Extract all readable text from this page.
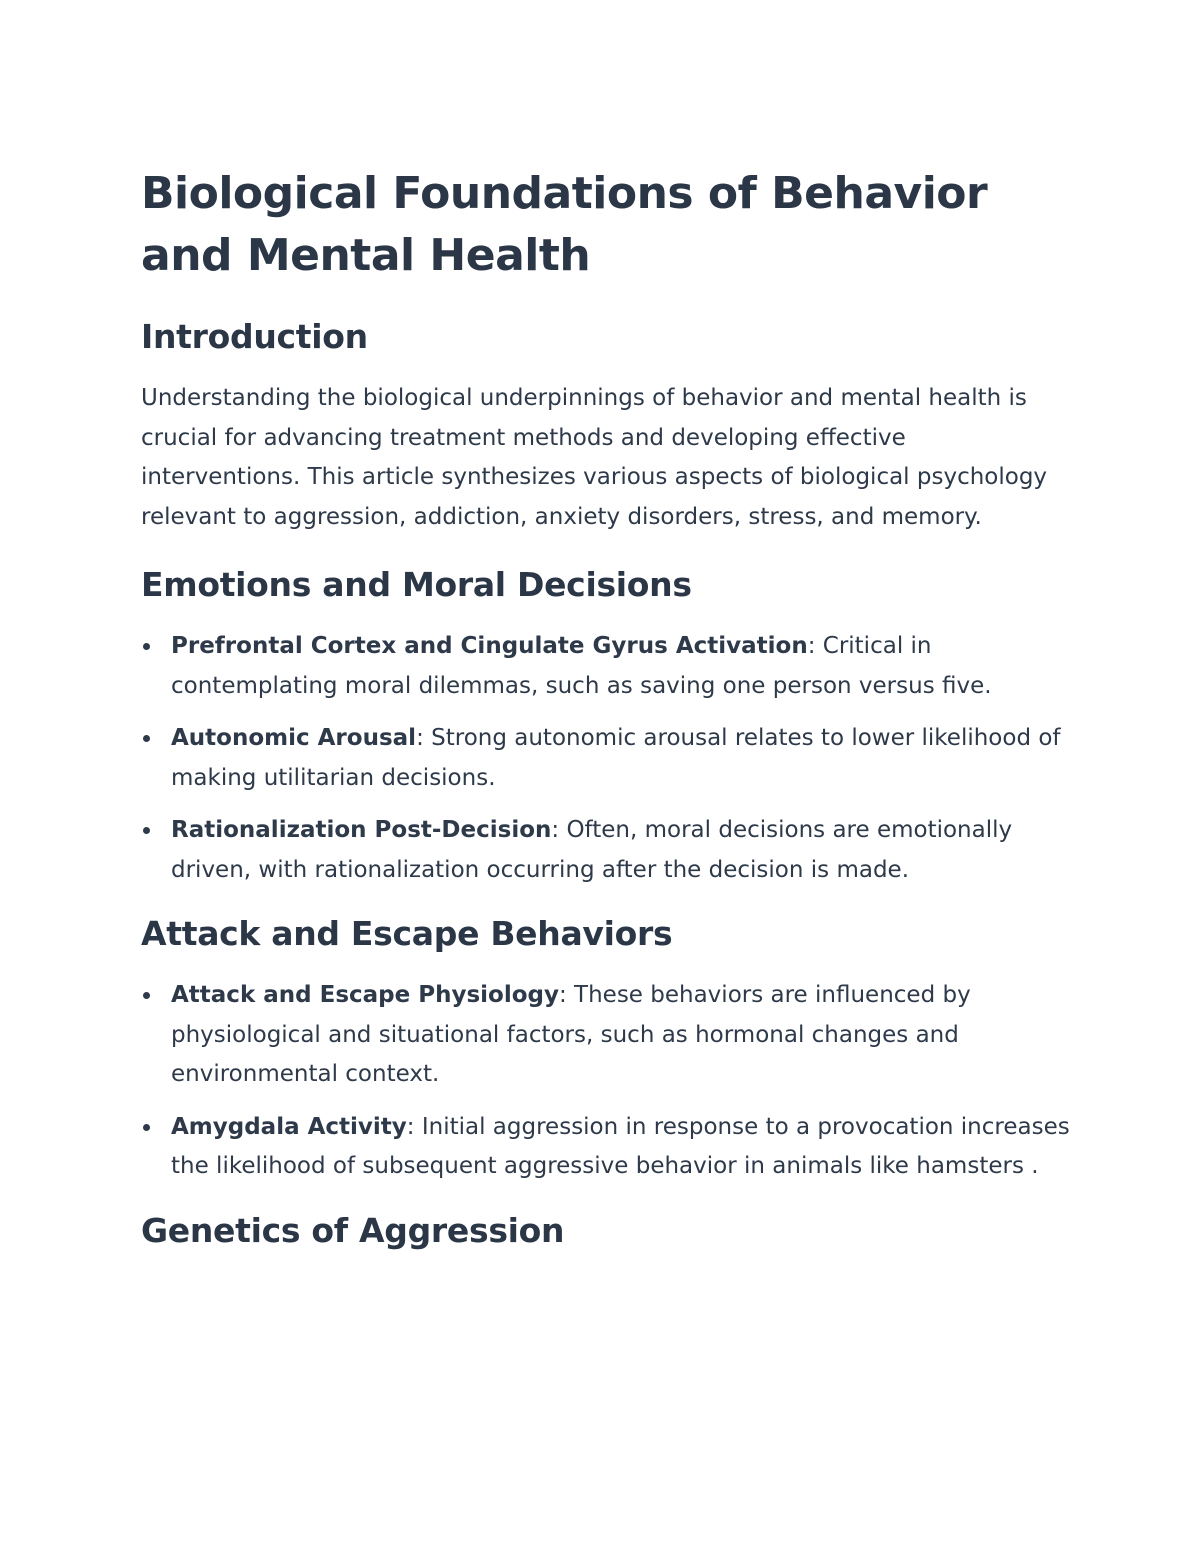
Biological Foundations of Behavior and Mental Health
Introduction

Understanding the biological underpinnings of behavior and mental health is crucial for advancing treatment methods and developing effective interventions. This article synthesizes various aspects of biological psychology relevant to aggression, addiction, anxiety disorders, stress, and memory.

Emotions and Moral Decisions
Prefrontal Cortex and Cingulate Gyrus Activation: Critical in contemplating moral dilemmas, such as saving one person versus five.
Autonomic Arousal: Strong autonomic arousal relates to lower likelihood of making utilitarian decisions.
Rationalization Post-Decision: Often, moral decisions are emotionally driven, with rationalization occurring after the decision is made.
Attack and Escape Behaviors
Attack and Escape Physiology: These behaviors are influenced by physiological and situational factors, such as hormonal changes and environmental context.
Amygdala Activity: Initial aggression in response to a provocation increases the likelihood of subsequent aggressive behavior in animals like hamsters .
Genetics of Aggression
